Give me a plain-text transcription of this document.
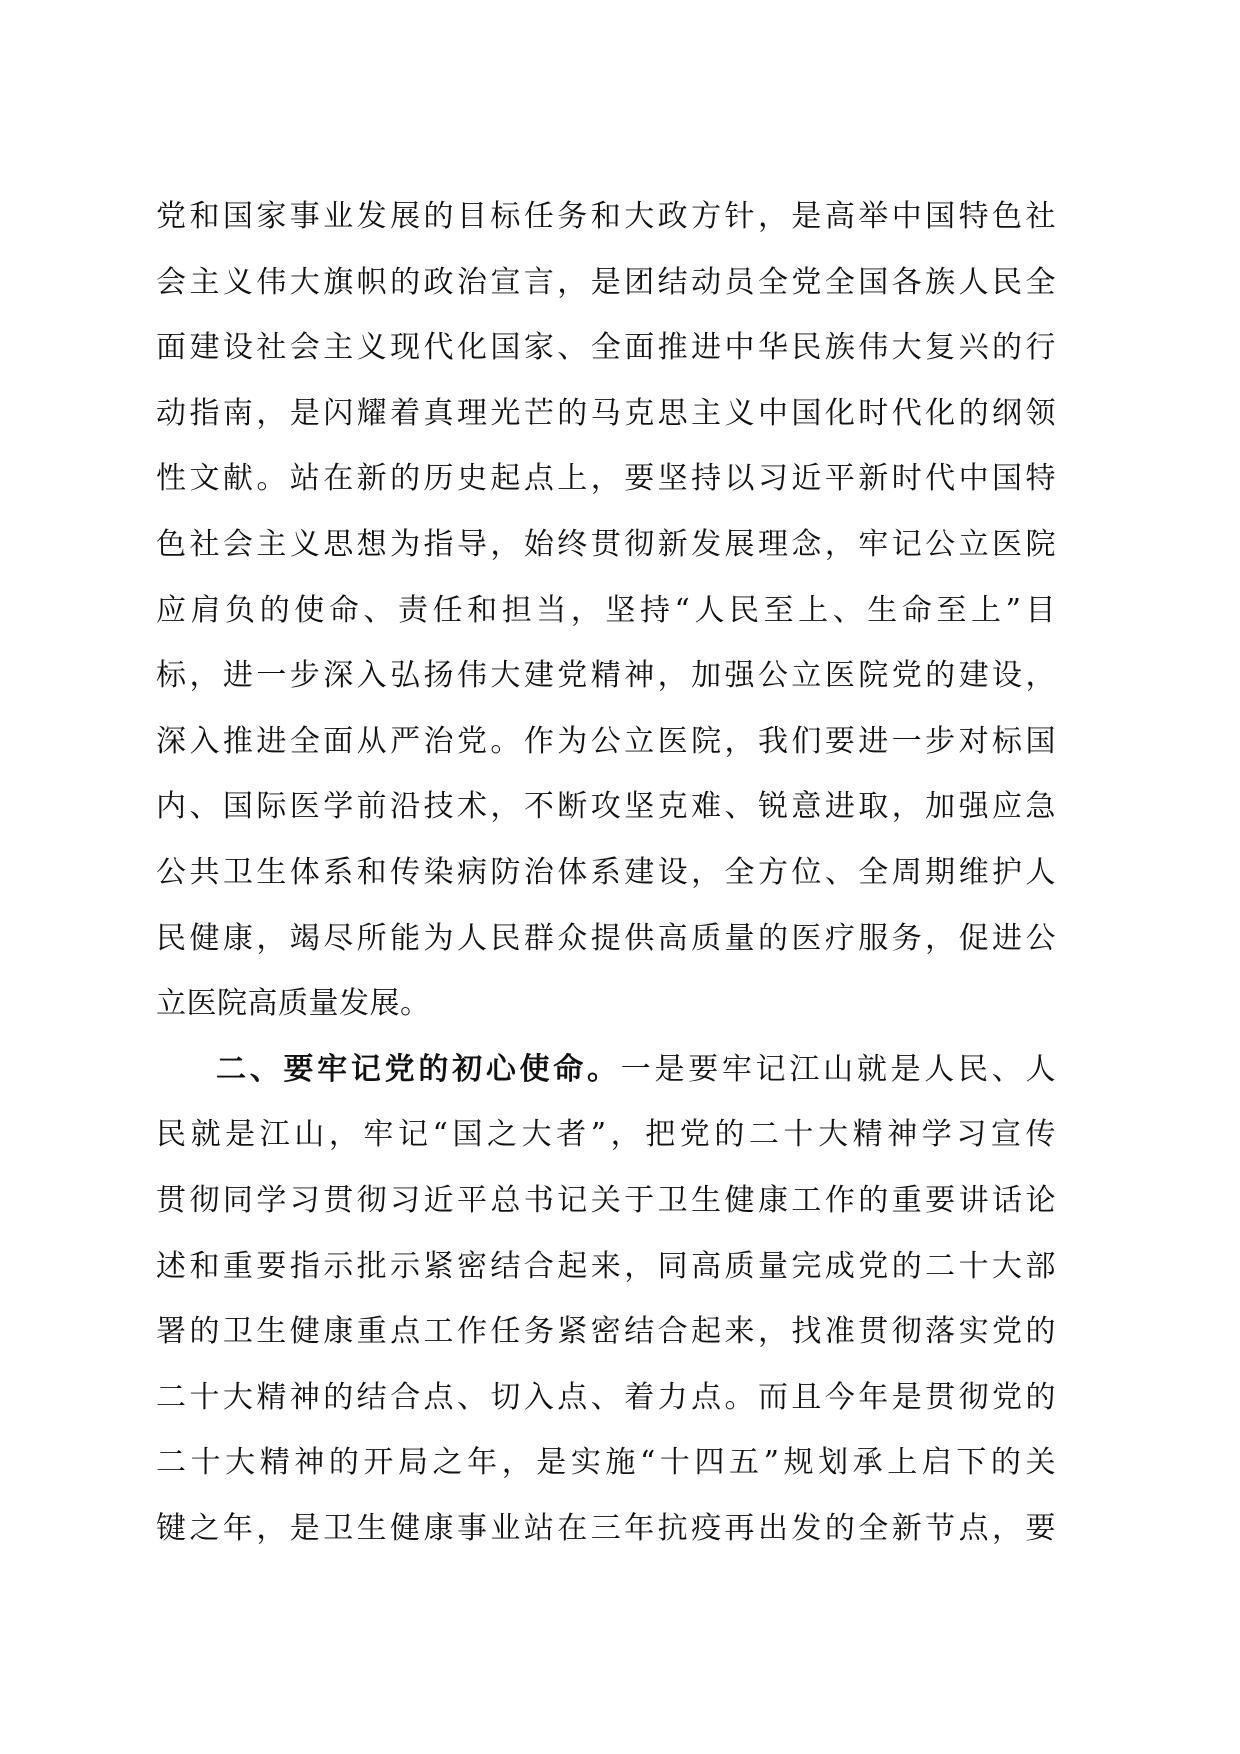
党和国家事业发展的目标任务和大政方针，是高举中国特色社
会主义伟大旗帜的政治宣言，是团结动员全党全国各族人民全
面建设社会主义现代化国家、全面推进中华民族伟大复兴的行
动指南，是闪耀着真理光芒的马克思主义中国化时代化的纲领
性文献。站在新的历史起点上，要坚持以习近平新时代中国特
色社会主义思想为指导，始终贯彻新发展理念，牢记公立医院
应肩负的使命、责任和担当，坚持“人民至上、生命至上”目
标，进一步深入弘扬伟大建党精神，加强公立医院党的建设，
深入推进全面从严治党。作为公立医院，我们要进一步对标国
内、国际医学前沿技术，不断攻坚克难、锐意进取，加强应急
公共卫生体系和传染病防治体系建设，全方位、全周期维护人
民健康，竭尽所能为人民群众提供高质量的医疗服务，促进公
立医院高质量发展。
二、要牢记党的初心使命。一是要牢记江山就是人民、人
民就是江山，牢记“国之大者”，把党的二十大精神学习宣传
贯彻同学习贯彻习近平总书记关于卫生健康工作的重要讲话论
述和重要指示批示紧密结合起来，同高质量完成党的二十大部
署的卫生健康重点工作任务紧密结合起来，找准贯彻落实党的
二十大精神的结合点、切入点、着力点。而且今年是贯彻党的
二十大精神的开局之年，是实施“十四五”规划承上启下的关
键之年，是卫生健康事业站在三年抗疫再出发的全新节点，要
